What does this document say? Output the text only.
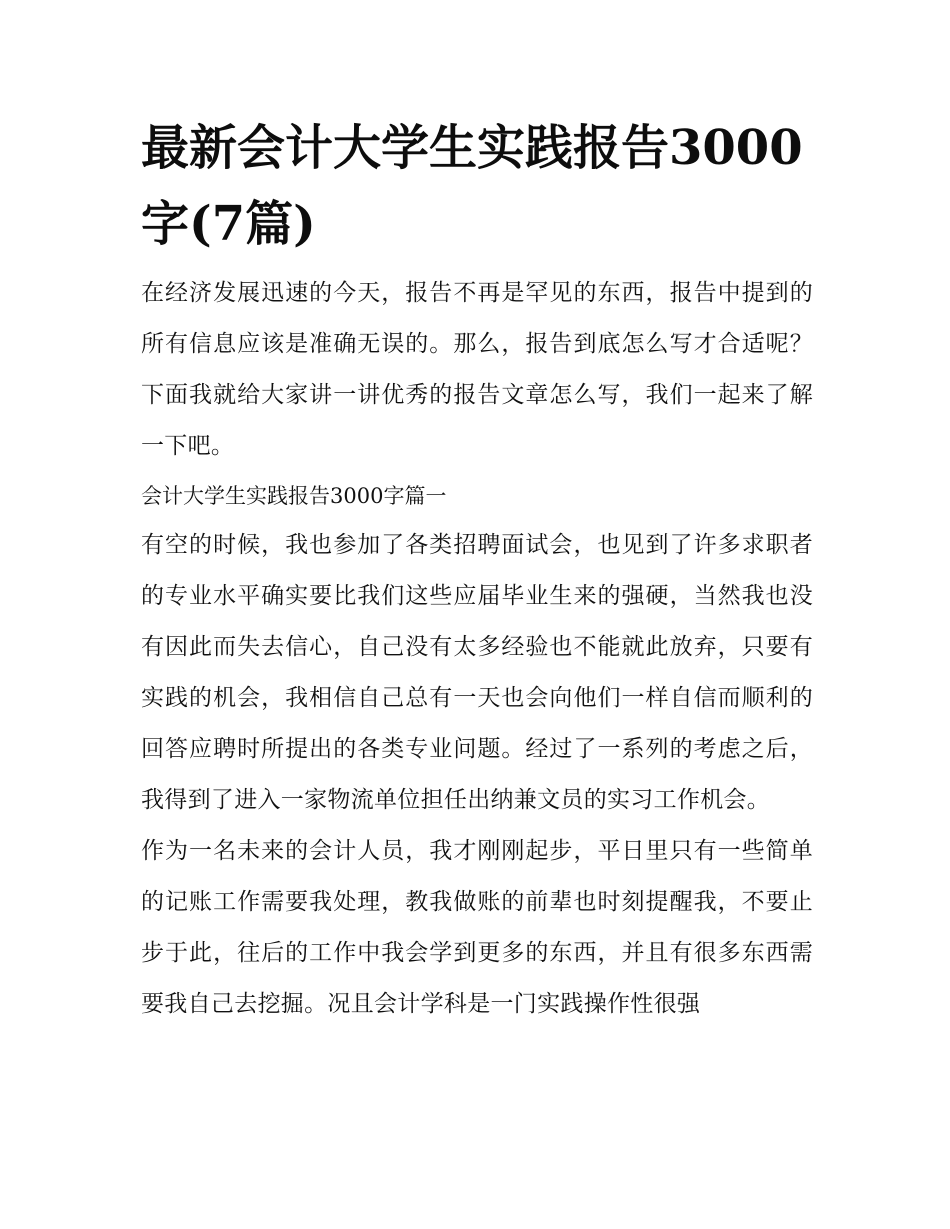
最新会计大学生实践报告3000字(7篇)

在经济发展迅速的今天，报告不再是罕见的东西，报告中提到的所有信息应该是准确无误的。那么，报告到底怎么写才合适呢？下面我就给大家讲一讲优秀的报告文章怎么写，我们一起来了解一下吧。

会计大学生实践报告3000字篇一

有空的时候，我也参加了各类招聘面试会，也见到了许多求职者的专业水平确实要比我们这些应届毕业生来的强硬，当然我也没有因此而失去信心，自己没有太多经验也不能就此放弃，只要有实践的机会，我相信自己总有一天也会向他们一样自信而顺利的回答应聘时所提出的各类专业问题。经过了一系列的考虑之后，我得到了进入一家物流单位担任出纳兼文员的实习工作机会。

作为一名未来的会计人员，我才刚刚起步，平日里只有一些简单的记账工作需要我处理，教我做账的前辈也时刻提醒我，不要止步于此，往后的工作中我会学到更多的东西，并且有很多东西需要我自己去挖掘。况且会计学科是一门实践操作性很强
